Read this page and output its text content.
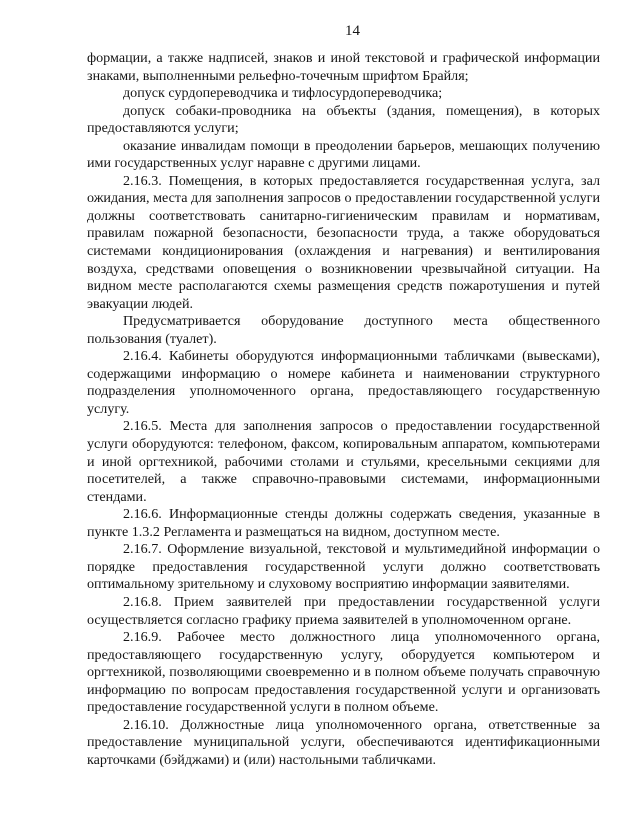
14

формации, а также надписей, знаков и иной текстовой и графической информации знаками, выполненными рельефно-точечным шрифтом Брайля;

допуск сурдопереводчика и тифлосурдопереводчика;

допуск собаки-проводника на объекты (здания, помещения), в которых предоставляются услуги;

оказание инвалидам помощи в преодолении барьеров, мешающих получению ими государственных услуг наравне с другими лицами.

2.16.3. Помещения, в которых предоставляется государственная услуга, зал ожидания, места для заполнения запросов о предоставлении государственной услуги должны соответствовать санитарно-гигиеническим правилам и нормативам, правилам пожарной безопасности, безопасности труда, а также оборудоваться системами кондиционирования (охлаждения и нагревания) и вентилирования воздуха, средствами оповещения о возникновении чрезвычайной ситуации. На видном месте располагаются схемы размещения средств пожаротушения и путей эвакуации людей.

Предусматривается оборудование доступного места общественного пользования (туалет).

2.16.4. Кабинеты оборудуются информационными табличками (вывесками), содержащими информацию о номере кабинета и наименовании структурного подразделения уполномоченного органа, предоставляющего государственную услугу.

2.16.5. Места для заполнения запросов о предоставлении государственной услуги оборудуются: телефоном, факсом, копировальным аппаратом, компьютерами и иной оргтехникой, рабочими столами и стульями, кресельными секциями для посетителей, а также справочно-правовыми системами, информационными стендами.

2.16.6. Информационные стенды должны содержать сведения, указанные в пункте 1.3.2 Регламента и размещаться на видном, доступном месте.

2.16.7. Оформление визуальной, текстовой и мультимедийной информации о порядке предоставления государственной услуги должно соответствовать оптимальному зрительному и слуховому восприятию информации заявителями.

2.16.8. Прием заявителей при предоставлении государственной услуги осуществляется согласно графику приема заявителей в уполномоченном органе.

2.16.9. Рабочее место должностного лица уполномоченного органа, предоставляющего государственную услугу, оборудуется компьютером и оргтехникой, позволяющими своевременно и в полном объеме получать справочную информацию по вопросам предоставления государственной услуги и организовать предоставление государственной услуги в полном объеме.

2.16.10. Должностные лица уполномоченного органа, ответственные за предоставление муниципальной услуги, обеспечиваются идентификационными карточками (бэйджами) и (или) настольными табличками.
